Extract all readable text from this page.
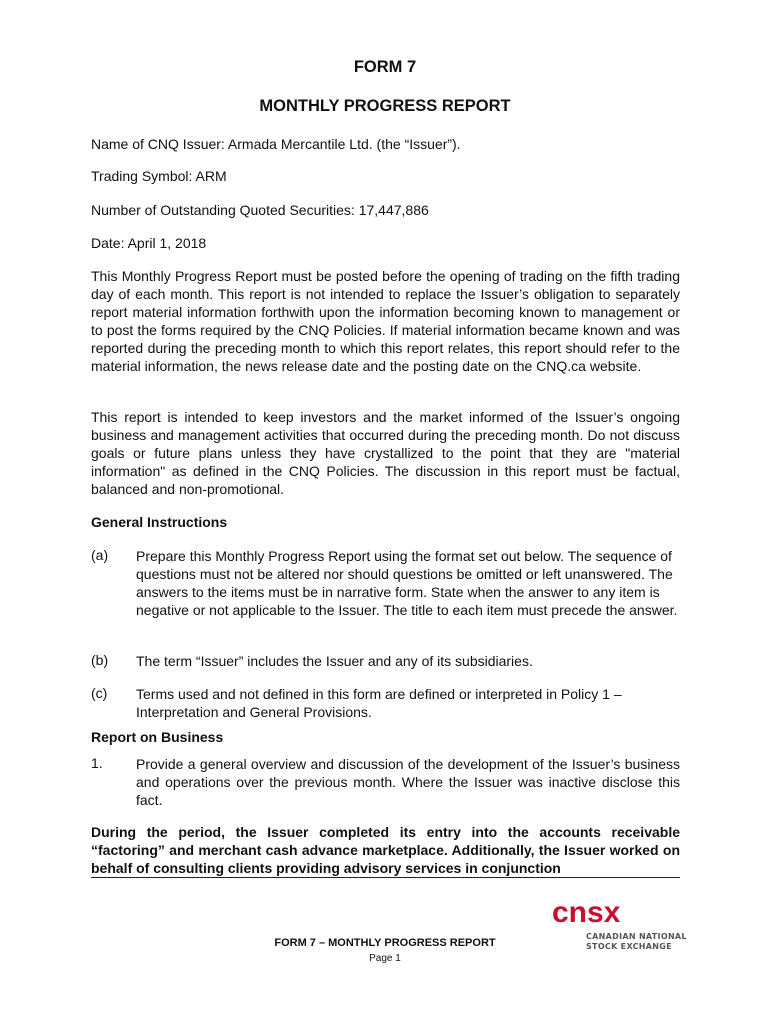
FORM 7
MONTHLY PROGRESS REPORT
Name of CNQ Issuer: Armada Mercantile Ltd. (the “Issuer”).
Trading Symbol: ARM
Number of Outstanding Quoted Securities: 17,447,886
Date: April 1, 2018

This Monthly Progress Report must be posted before the opening of trading on the fifth trading day of each month. This report is not intended to replace the Issuer’s obligation to separately report material information forthwith upon the information becoming known to management or to post the forms required by the CNQ Policies. If material information became known and was reported during the preceding month to which this report relates, this report should refer to the material information, the news release date and the posting date on the CNQ.ca website.

This report is intended to keep investors and the market informed of the Issuer’s ongoing business and management activities that occurred during the preceding month. Do not discuss goals or future plans unless they have crystallized to the point that they are "material information" as defined in the CNQ Policies. The discussion in this report must be factual, balanced and non-promotional.

General Instructions
(a) Prepare this Monthly Progress Report using the format set out below. The sequence of questions must not be altered nor should questions be omitted or left unanswered. The answers to the items must be in narrative form. State when the answer to any item is negative or not applicable to the Issuer. The title to each item must precede the answer.

(b) The term “Issuer” includes the Issuer and any of its subsidiaries.

(c) Terms used and not defined in this form are defined or interpreted in Policy 1 – Interpretation and General Provisions.

Report on Business
1. Provide a general overview and discussion of the development of the Issuer’s business and operations over the previous month. Where the Issuer was inactive disclose this fact.

During the period, the Issuer completed its entry into the accounts receivable “factoring” and merchant cash advance marketplace. Additionally, the Issuer worked on behalf of consulting clients providing advisory services in conjunction

FORM 7 – MONTHLY PROGRESS REPORT
Page 1
cnsx
CANADIAN NATIONAL
STOCK EXCHANGE
